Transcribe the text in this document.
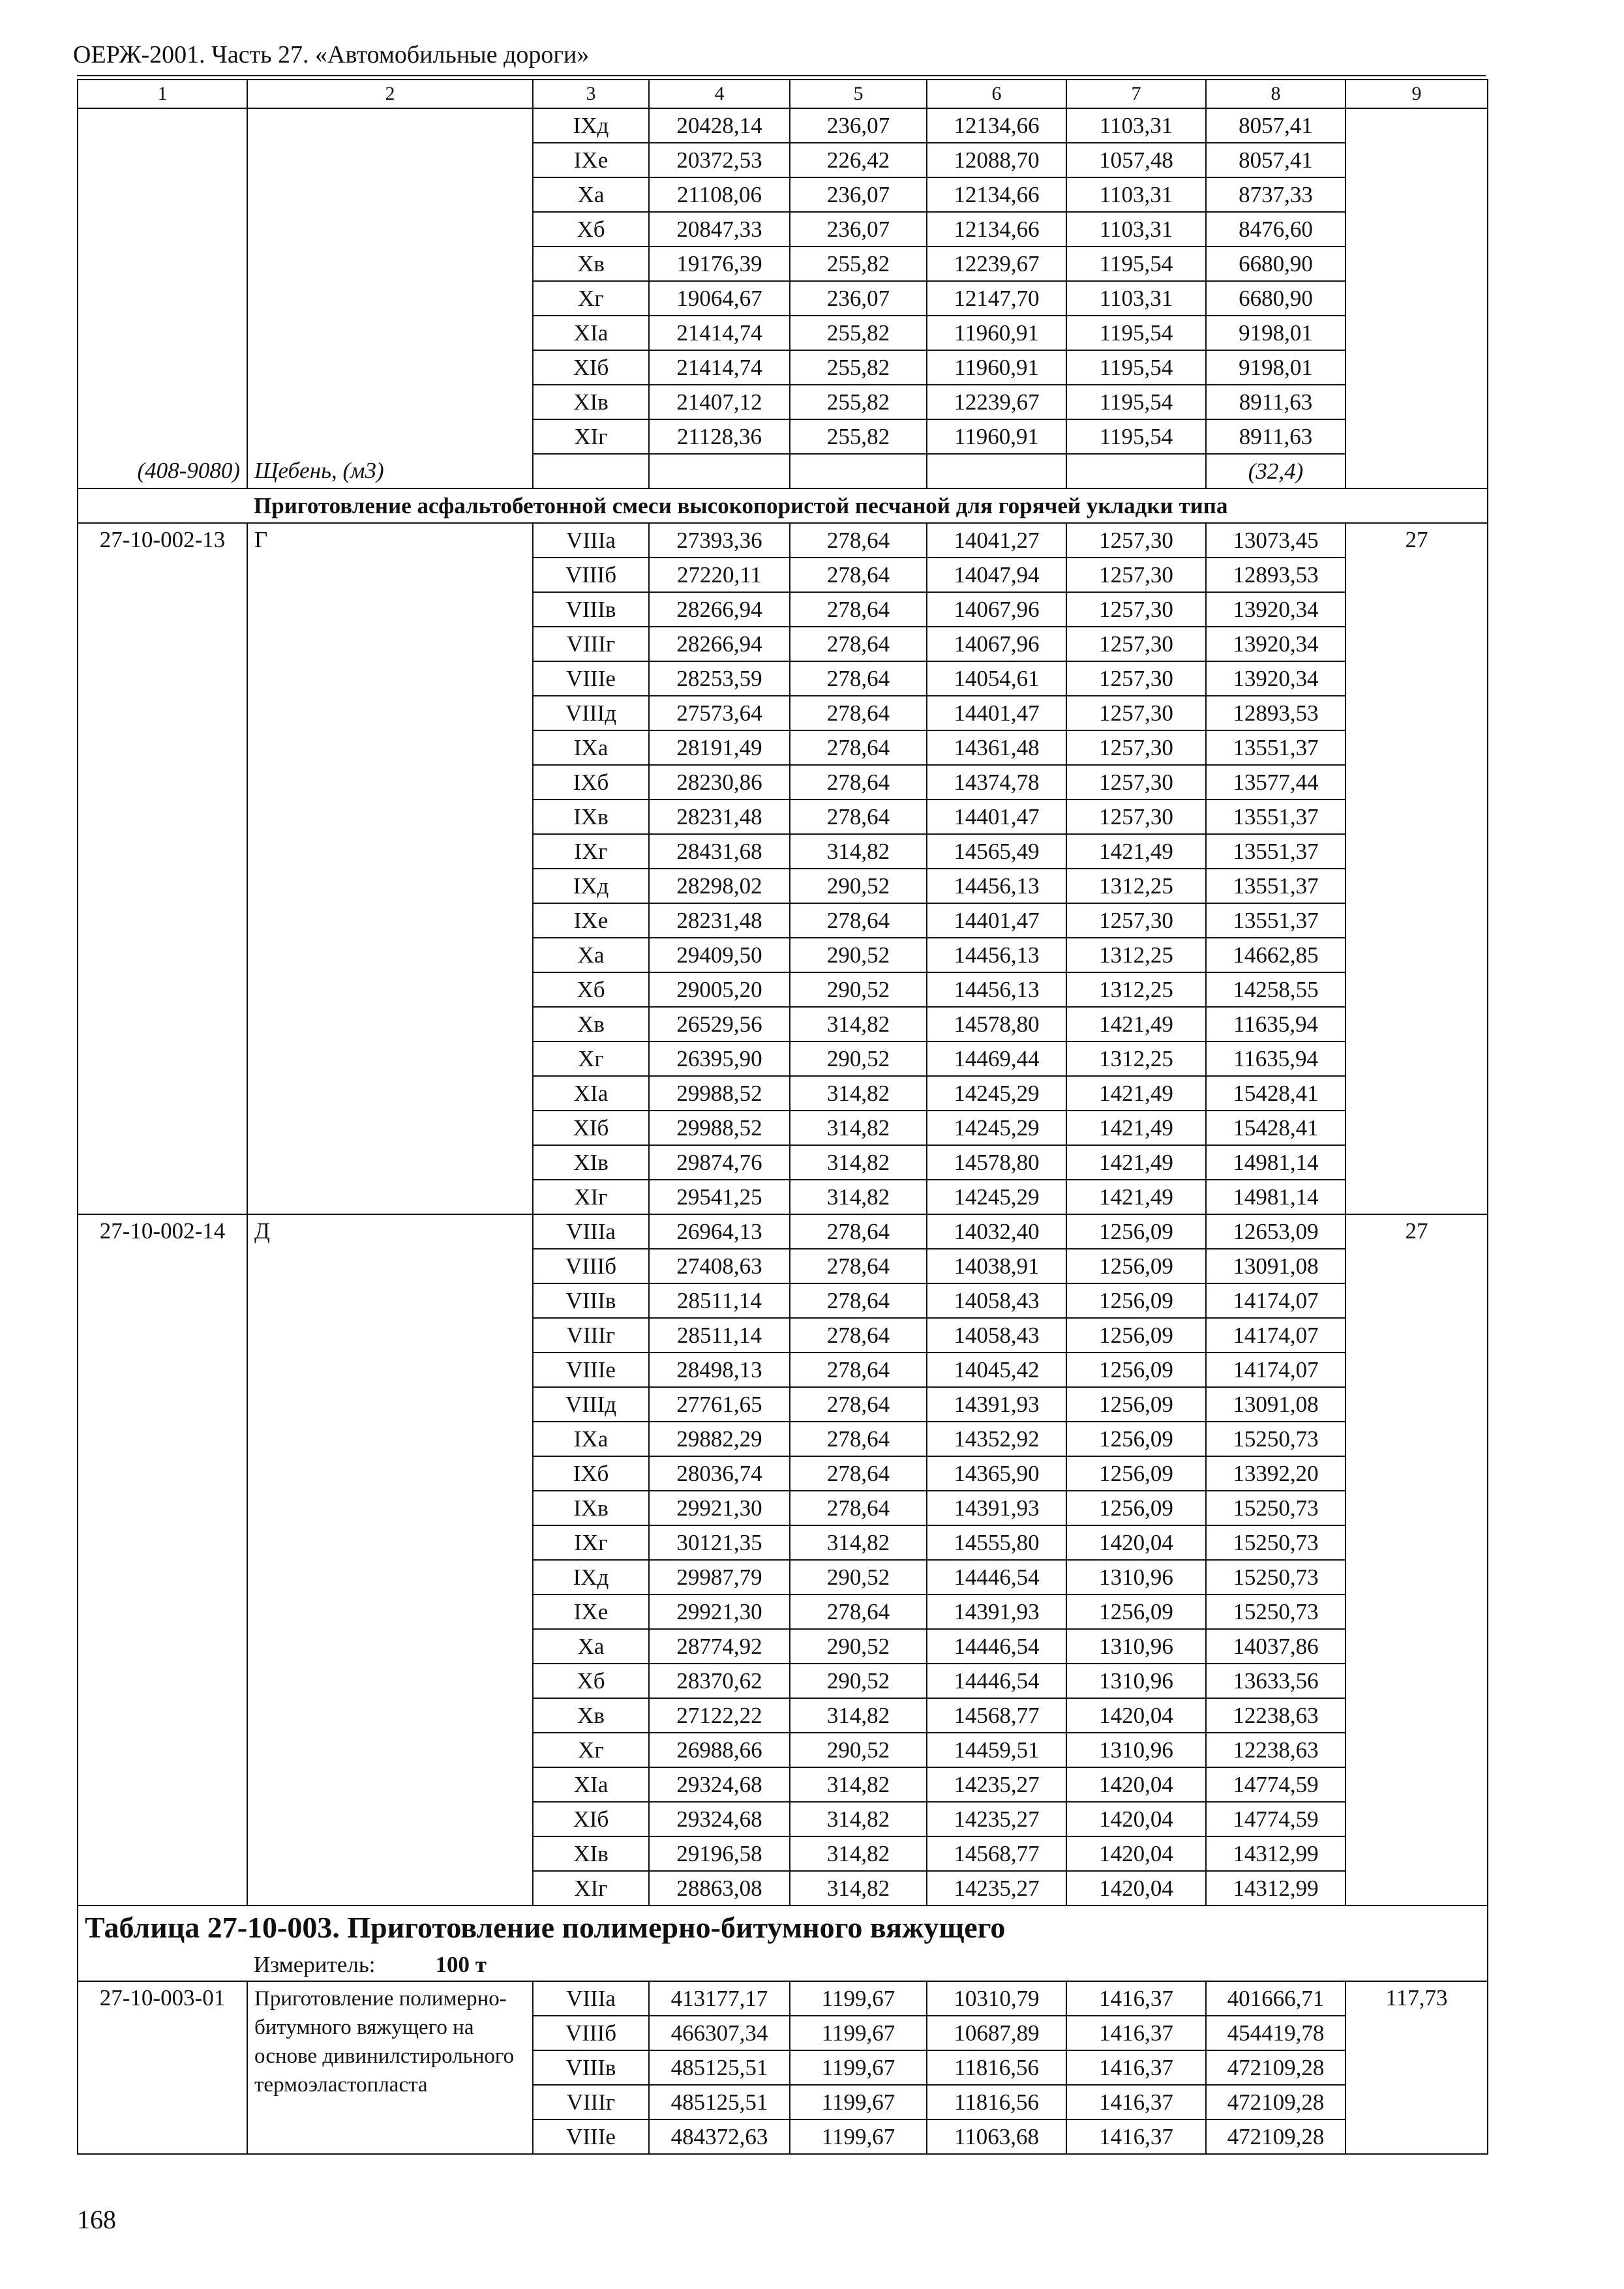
ОЕРЖ-2001. Часть 27. «Автомобильные дороги»
1	2	3	4	5	6	7	8	9
		IXд	20428,14	236,07	12134,66	1103,31	8057,41	
		IXе	20372,53	226,42	12088,70	1057,48	8057,41	
		Xа	21108,06	236,07	12134,66	1103,31	8737,33	
		Xб	20847,33	236,07	12134,66	1103,31	8476,60	
		Xв	19176,39	255,82	12239,67	1195,54	6680,90	
		Xг	19064,67	236,07	12147,70	1103,31	6680,90	
		XIа	21414,74	255,82	11960,91	1195,54	9198,01	
		XIб	21414,74	255,82	11960,91	1195,54	9198,01	
		XIв	21407,12	255,82	12239,67	1195,54	8911,63	
		XIг	21128,36	255,82	11960,91	1195,54	8911,63	
(408-9080)	Щебень, (м3)						(32,4)	
	Приготовление асфальтобетонной смеси высокопористой песчаной для горячей укладки типа							
27-10-002-13	Г	VIIIа	27393,36	278,64	14041,27	1257,30	13073,45	27
		VIIIб	27220,11	278,64	14047,94	1257,30	12893,53	
		VIIIв	28266,94	278,64	14067,96	1257,30	13920,34	
		VIIIг	28266,94	278,64	14067,96	1257,30	13920,34	
		VIIIе	28253,59	278,64	14054,61	1257,30	13920,34	
		VIIIд	27573,64	278,64	14401,47	1257,30	12893,53	
		IXа	28191,49	278,64	14361,48	1257,30	13551,37	
		IXб	28230,86	278,64	14374,78	1257,30	13577,44	
		IXв	28231,48	278,64	14401,47	1257,30	13551,37	
		IXг	28431,68	314,82	14565,49	1421,49	13551,37	
		IXд	28298,02	290,52	14456,13	1312,25	13551,37	
		IXе	28231,48	278,64	14401,47	1257,30	13551,37	
		Xа	29409,50	290,52	14456,13	1312,25	14662,85	
		Xб	29005,20	290,52	14456,13	1312,25	14258,55	
		Xв	26529,56	314,82	14578,80	1421,49	11635,94	
		Xг	26395,90	290,52	14469,44	1312,25	11635,94	
		XIа	29988,52	314,82	14245,29	1421,49	15428,41	
		XIб	29988,52	314,82	14245,29	1421,49	15428,41	
		XIв	29874,76	314,82	14578,80	1421,49	14981,14	
		XIг	29541,25	314,82	14245,29	1421,49	14981,14	
27-10-002-14	Д	VIIIа	26964,13	278,64	14032,40	1256,09	12653,09	27
		VIIIб	27408,63	278,64	14038,91	1256,09	13091,08	
		VIIIв	28511,14	278,64	14058,43	1256,09	14174,07	
		VIIIг	28511,14	278,64	14058,43	1256,09	14174,07	
		VIIIе	28498,13	278,64	14045,42	1256,09	14174,07	
		VIIIд	27761,65	278,64	14391,93	1256,09	13091,08	
		IXа	29882,29	278,64	14352,92	1256,09	15250,73	
		IXб	28036,74	278,64	14365,90	1256,09	13392,20	
		IXв	29921,30	278,64	14391,93	1256,09	15250,73	
		IXг	30121,35	314,82	14555,80	1420,04	15250,73	
		IXд	29987,79	290,52	14446,54	1310,96	15250,73	
		IXе	29921,30	278,64	14391,93	1256,09	15250,73	
		Xа	28774,92	290,52	14446,54	1310,96	14037,86	
		Xб	28370,62	290,52	14446,54	1310,96	13633,56	
		Xв	27122,22	314,82	14568,77	1420,04	12238,63	
		Xг	26988,66	290,52	14459,51	1310,96	12238,63	
		XIа	29324,68	314,82	14235,27	1420,04	14774,59	
		XIб	29324,68	314,82	14235,27	1420,04	14774,59	
		XIв	29196,58	314,82	14568,77	1420,04	14312,99	
		XIг	28863,08	314,82	14235,27	1420,04	14312,99	
Таблица 27-10-003. Приготовление полимерно-битумного вяжущего								
	Измеритель: 100 т							
27-10-003-01	Приготовление полимерно-битумного вяжущего на основе дивинилстирольного термоэластопласта	VIIIа	413177,17	1199,67	10310,79	1416,37	401666,71	117,73
		VIIIб	466307,34	1199,67	10687,89	1416,37	454419,78	
		VIIIв	485125,51	1199,67	11816,56	1416,37	472109,28	
		VIIIг	485125,51	1199,67	11816,56	1416,37	472109,28	
		VIIIе	484372,63	1199,67	11063,68	1416,37	472109,28	
168
